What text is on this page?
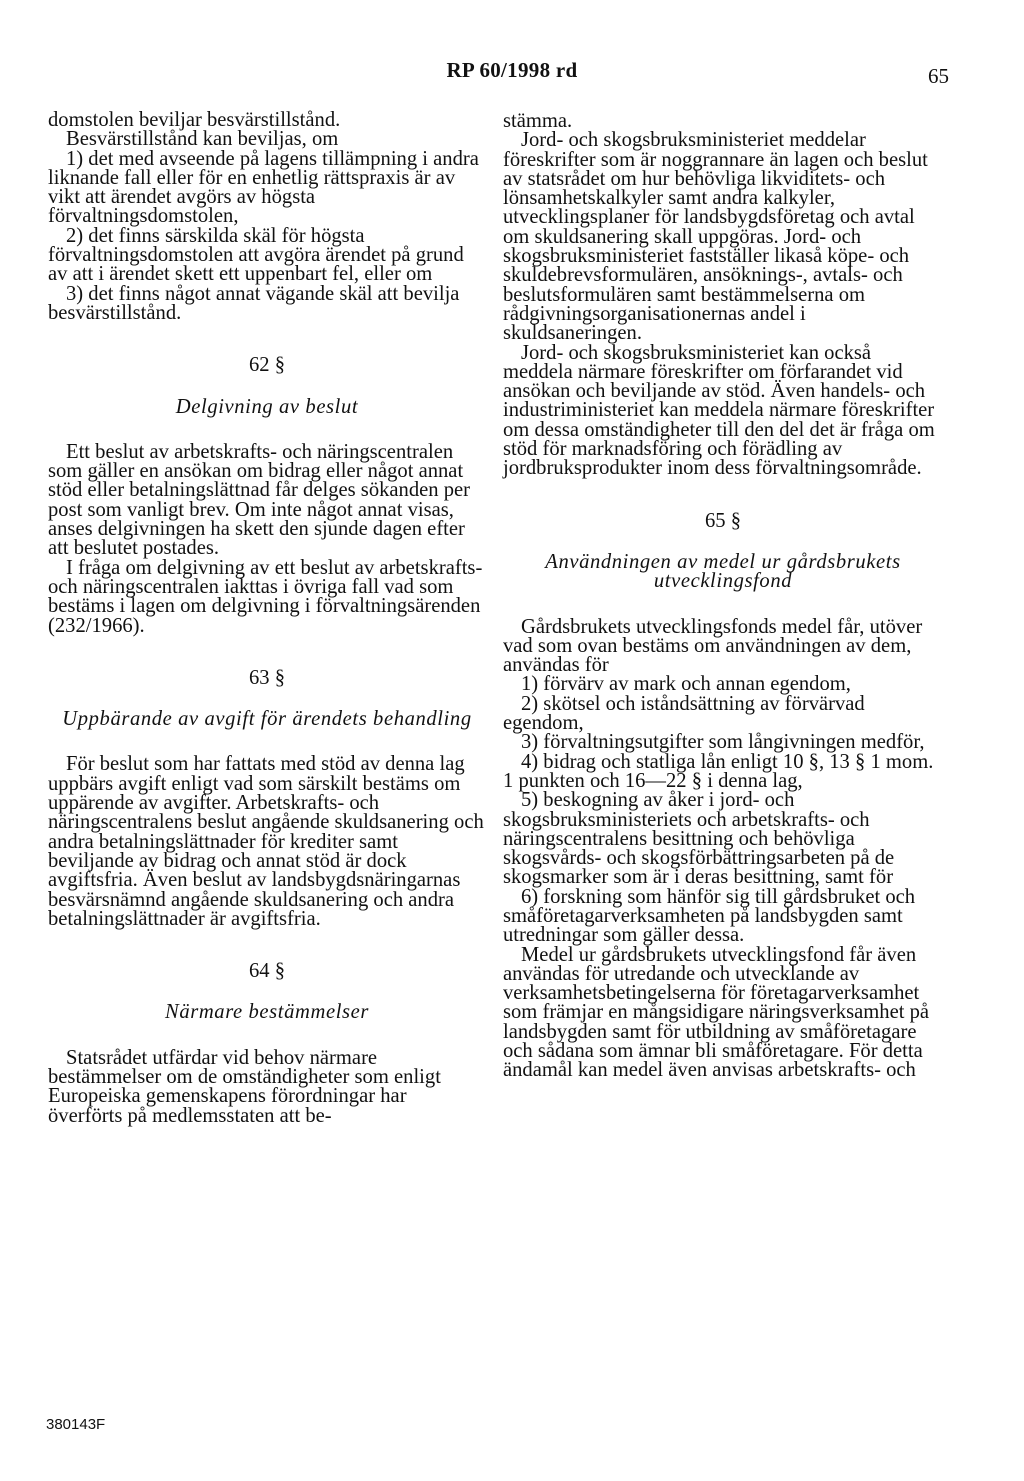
RP 60/1998 rd	65

domstolen beviljar besvärstillstånd.

Besvärstillstånd kan beviljas, om

1) det med avseende på lagens tillämpning i andra liknande fall eller för en enhetlig rättspraxis är av vikt att ärendet avgörs av högsta förvaltningsdomstolen,

2) det finns särskilda skäl för högsta förvaltningsdomstolen att avgöra ärendet på grund av att i ärendet skett ett uppenbart fel, eller om

3) det finns något annat vägande skäl att bevilja besvärstillstånd.

62 §

Delgivning av beslut

Ett beslut av arbetskrafts- och näringscentralen som gäller en ansökan om bidrag eller något annat stöd eller betalningslättnad får delges sökanden per post som vanligt brev. Om inte något annat visas, anses delgivningen ha skett den sjunde dagen efter att beslutet postades.

I fråga om delgivning av ett beslut av arbetskrafts- och näringscentralen iakttas i övriga fall vad som bestäms i lagen om delgivning i förvaltningsärenden (232/1966).

63 §

Uppbärande av avgift för ärendets behandling

För beslut som har fattats med stöd av denna lag uppbärs avgift enligt vad som särskilt bestäms om uppärende av avgifter. Arbetskrafts- och näringscentralens beslut angående skuldsanering och andra betalningslättnader för krediter samt beviljande av bidrag och annat stöd är dock avgiftsfria. Även beslut av landsbygdsnäringarnas besvärsnämnd angående skuldsanering och andra betalningslättnader är avgiftsfria.

64 §

Närmare bestämmelser

Statsrådet utfärdar vid behov närmare bestämmelser om de omständigheter som enligt Europeiska gemenskapens förordningar har överförts på medlemsstaten att be-

stämma.

Jord- och skogsbruksministeriet meddelar föreskrifter som är noggrannare än lagen och beslut av statsrådet om hur behövliga likviditets- och lönsamhetskalkyler samt andra kalkyler, utvecklingsplaner för landsbygdsföretag och avtal om skuldsanering skall uppgöras. Jord- och skogsbruksministeriet fastställer likaså köpe- och skuldebrevsformulären, ansöknings-, avtals- och beslutsformulären samt bestämmelserna om rådgivningsorganisationernas andel i skuldsaneringen.

Jord- och skogsbruksministeriet kan också meddela närmare föreskrifter om förfarandet vid ansökan och beviljande av stöd. Även handels- och industriministeriet kan meddela närmare föreskrifter om dessa omständigheter till den del det är fråga om stöd för marknadsföring och förädling av jordbruksprodukter inom dess förvaltningsområde.

65 §

Användningen av medel ur gårdsbrukets utvecklingsfond

Gårdsbrukets utvecklingsfonds medel får, utöver vad som ovan bestäms om användningen av dem, användas för

1) förvärv av mark och annan egendom,

2) skötsel och iståndsättning av förvärvad egendom,

3) förvaltningsutgifter som långivningen medför,

4) bidrag och statliga lån enligt 10 §, 13 § 1 mom. 1 punkten och 16—22 § i denna lag,

5) beskogning av åker i jord- och skogsbruksministeriets och arbetskrafts- och näringscentralens besittning och behövliga skogsvårds- och skogsförbättringsarbeten på de skogsmarker som är i deras besittning, samt för

6) forskning som hänför sig till gårdsbruket och småföretagarverksamheten på landsbygden samt utredningar som gäller dessa.

Medel ur gårdsbrukets utvecklingsfond får även användas för utredande och utvecklande av verksamhetsbetingelserna för företagarverksamhet som främjar en mångsidigare näringsverksamhet på landsbygden samt för utbildning av småföretagare och sådana som ämnar bli småföretagare. För detta ändamål kan medel även anvisas arbetskrafts- och

380143F
